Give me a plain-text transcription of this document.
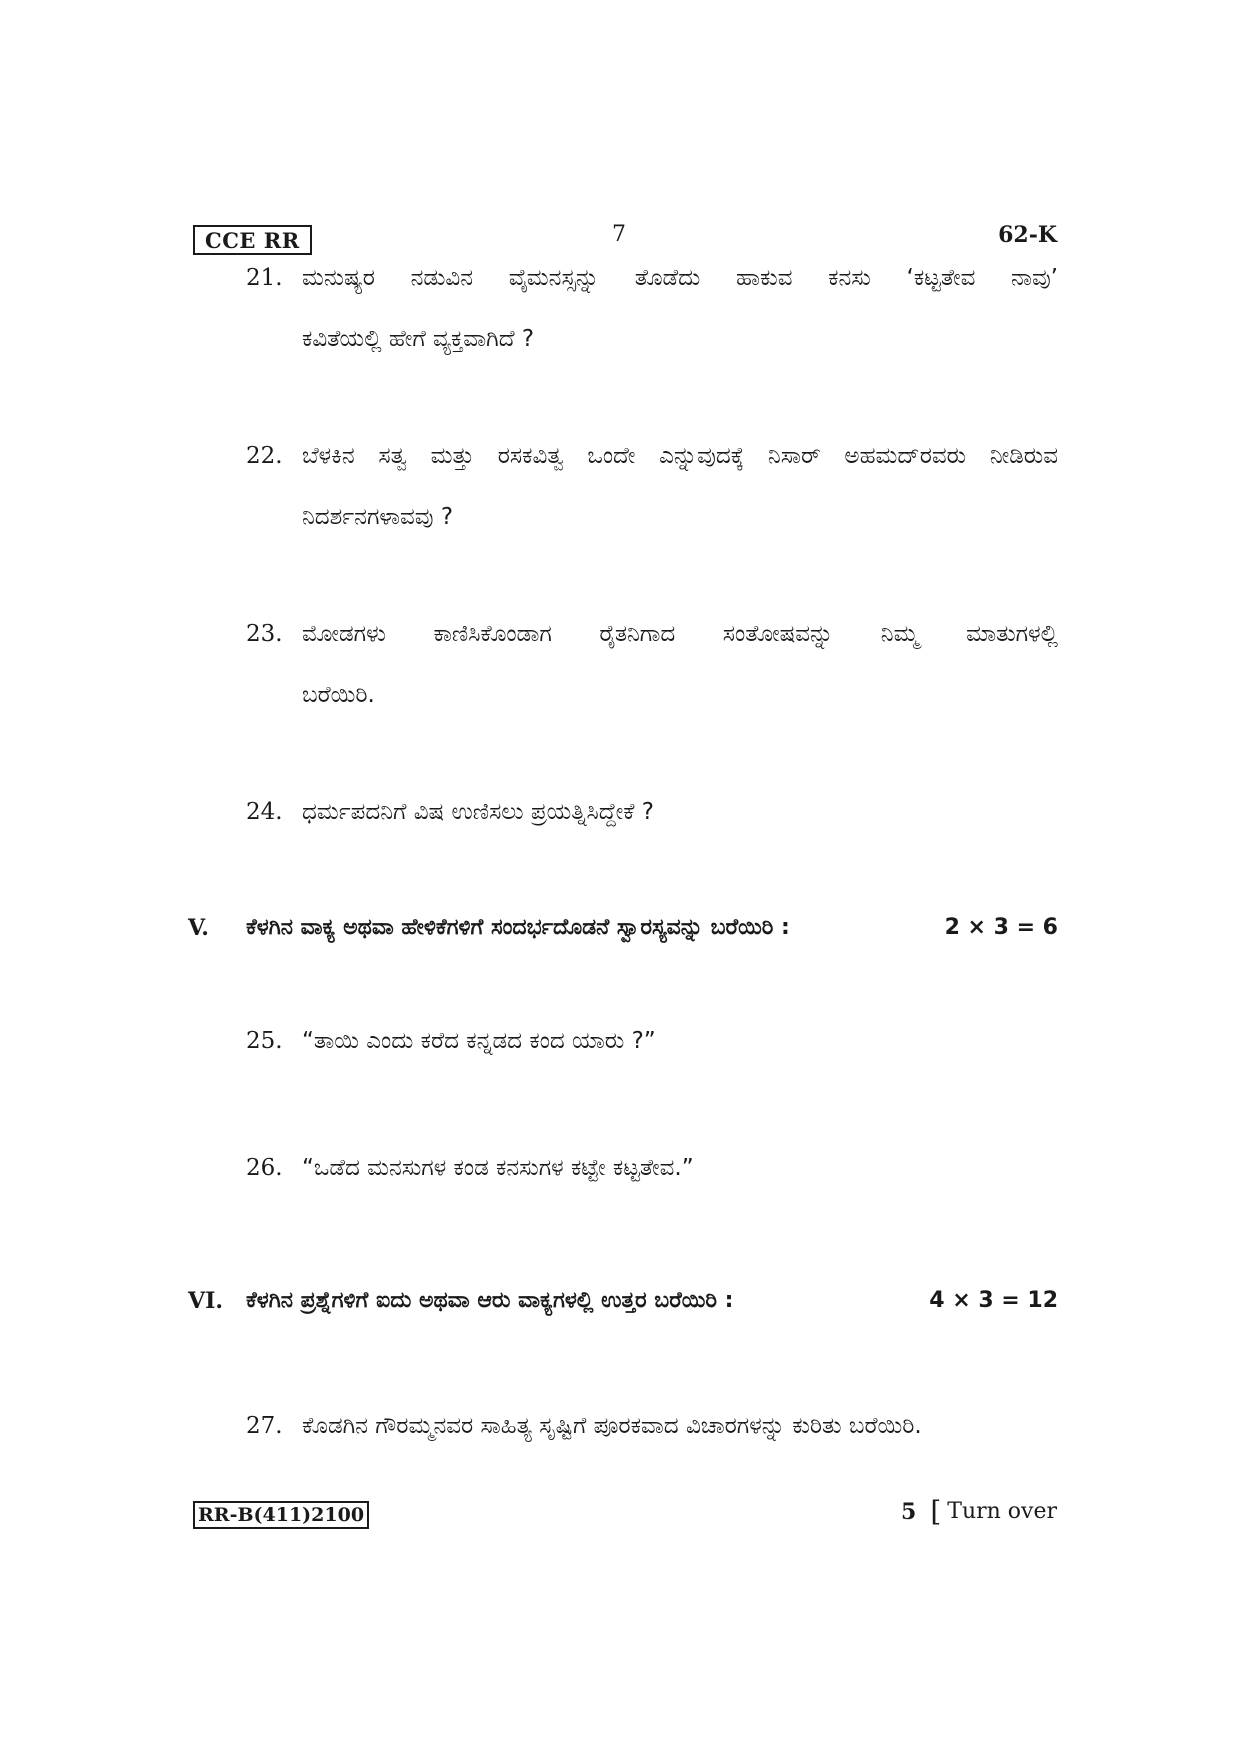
CCE RR	7	62-K
21. ಮನುಷ್ಯರ ನಡುವಿನ ವೈಮನಸ್ಸನ್ನು ತೊಡೆದು ಹಾಕುವ ಕನಸು ‘ಕಟ್ಟತೇವ ನಾವು’
ಕವಿತೆಯಲ್ಲಿ ಹೇಗೆ ವ್ಯಕ್ತವಾಗಿದೆ ?
22. ಬೆಳಕಿನ ಸತ್ವ ಮತ್ತು ರಸಕವಿತ್ವ ಒಂದೇ ಎನ್ನುವುದಕ್ಕೆ ನಿಸಾರ್ ಅಹಮದ್‌ರವರು ನೀಡಿರುವ
ನಿದರ್ಶನಗಳಾವವು ?
23. ಮೋಡಗಳು ಕಾಣಿಸಿಕೊಂಡಾಗ ರೈತನಿಗಾದ ಸಂತೋಷವನ್ನು ನಿಮ್ಮ ಮಾತುಗಳಲ್ಲಿ
ಬರೆಯಿರಿ.
24. ಧರ್ಮಪದನಿಗೆ ವಿಷ ಉಣಿಸಲು ಪ್ರಯತ್ನಿಸಿದ್ದೇಕೆ ?
V.	ಕೆಳಗಿನ ವಾಕ್ಯ ಅಥವಾ ಹೇಳಿಕೆಗಳಿಗೆ ಸಂದರ್ಭದೊಡನೆ ಸ್ವಾರಸ್ಯವನ್ನು ಬರೆಯಿರಿ :	2 × 3 = 6
25. “ತಾಯಿ ಎಂದು ಕರೆದ ಕನ್ನಡದ ಕಂದ ಯಾರು ?”
26. “ಒಡೆದ ಮನಸುಗಳ ಕಂಡ ಕನಸುಗಳ ಕಟ್ಟೇ ಕಟ್ಟತೇವ.”
VI.	ಕೆಳಗಿನ ಪ್ರಶ್ನೆಗಳಿಗೆ ಐದು ಅಥವಾ ಆರು ವಾಕ್ಯಗಳಲ್ಲಿ ಉತ್ತರ ಬರೆಯಿರಿ :	4 × 3 = 12
27. ಕೊಡಗಿನ ಗೌರಮ್ಮನವರ ಸಾಹಿತ್ಯ ಸೃಷ್ಟಿಗೆ ಪೂರಕವಾದ ವಿಚಾರಗಳನ್ನು ಕುರಿತು ಬರೆಯಿರಿ.
RR-B(411)2100	5 [ Turn over
